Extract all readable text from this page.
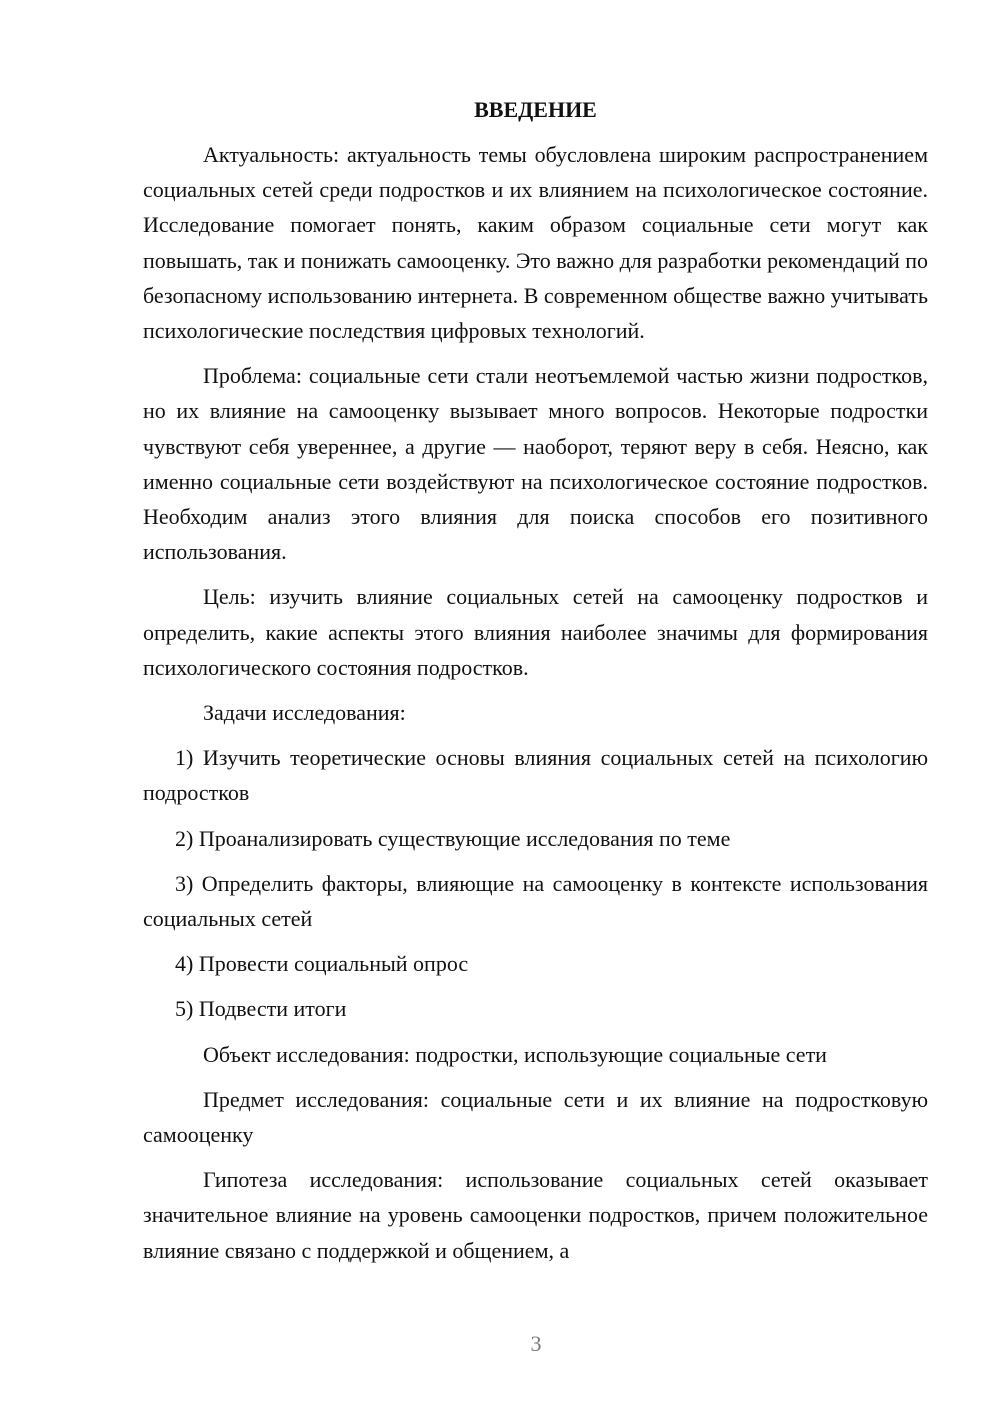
ВВЕДЕНИЕ

Актуальность: актуальность темы обусловлена широким распространением социальных сетей среди подростков и их влиянием на психологическое состояние. Исследование помогает понять, каким образом социальные сети могут как повышать, так и понижать самооценку. Это важно для разработки рекомендаций по безопасному использованию интернета. В современном обществе важно учитывать психологические последствия цифровых технологий.

Проблема: социальные сети стали неотъемлемой частью жизни подростков, но их влияние на самооценку вызывает много вопросов. Некоторые подростки чувствуют себя увереннее, а другие — наоборот, теряют веру в себя. Неясно, как именно социальные сети воздействуют на психологическое состояние подростков. Необходим анализ этого влияния для поиска способов его позитивного использования.

Цель: изучить влияние социальных сетей на самооценку подростков и определить, какие аспекты этого влияния наиболее значимы для формирования психологического состояния подростков.

Задачи исследования:

1) Изучить теоретические основы влияния социальных сетей на психологию подростков

2) Проанализировать существующие исследования по теме

3) Определить факторы, влияющие на самооценку в контексте использования социальных сетей

4) Провести социальный опрос

5) Подвести итоги

Объект исследования: подростки, использующие социальные сети

Предмет исследования: социальные сети и их влияние на подростковую самооценку

Гипотеза исследования: использование социальных сетей оказывает значительное влияние на уровень самооценки подростков, причем положительное влияние связано с поддержкой и общением, а

3
